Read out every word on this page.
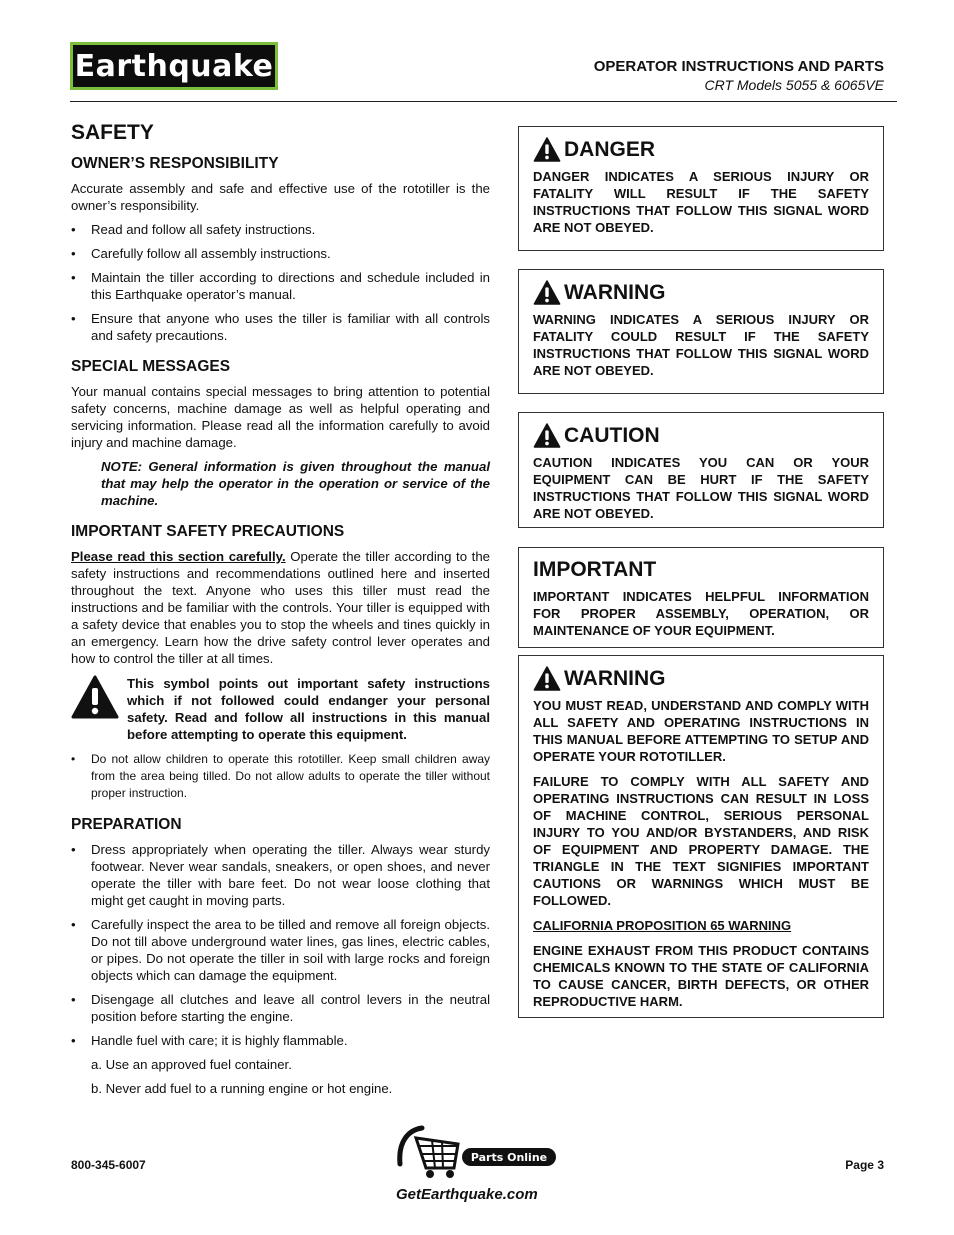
Earthquake	OPERATOR INSTRUCTIONS AND PARTS
CRT Models 5055 & 6065VE
SAFETY
OWNER’S RESPONSIBILITY

Accurate assembly and safe and effective use of the rototiller is the owner’s responsibility.

•	Read and follow all safety instructions.
•	Carefully follow all assembly instructions.
•	Maintain the tiller according to directions and schedule included in this Earthquake operator’s manual.
•	Ensure that anyone who uses the tiller is familiar with all controls and safety precautions.
SPECIAL MESSAGES

Your manual contains special messages to bring attention to potential safety concerns, machine damage as well as helpful operating and servicing information. Please read all the information carefully to avoid injury and machine damage.

NOTE: General information is given throughout the manual that may help the operator in the operation or service of the machine.
IMPORTANT SAFETY PRECAUTIONS

Please read this section carefully. Operate the tiller according to the safety instructions and recommendations outlined here and inserted throughout the text. Anyone who uses this tiller must read the instructions and be familiar with the controls. Your tiller is equipped with a safety device that enables you to stop the wheels and tines quickly in an emergency. Learn how the drive safety control lever operates and how to control the tiller at all times.

This symbol points out important safety instructions which if not followed could endanger your personal safety. Read and follow all instructions in this manual before attempting to operate this equipment.
•	Do not allow children to operate this rototiller. Keep small children away from the area being tilled. Do not allow adults to operate the tiller without proper instruction.
PREPARATION
•	Dress appropriately when operating the tiller. Always wear sturdy footwear. Never wear sandals, sneakers, or open shoes, and never operate the tiller with bare feet. Do not wear loose clothing that might get caught in moving parts.
•	Carefully inspect the area to be tilled and remove all foreign objects. Do not till above underground water lines, gas lines, electric cables, or pipes. Do not operate the tiller in soil with large rocks and foreign objects which can damage the equipment.
•	Disengage all clutches and leave all control levers in the neutral position before starting the engine.
•	Handle fuel with care; it is highly flammable.
a. Use an approved fuel container.
b. Never add fuel to a running engine or hot engine.
DANGER

DANGER INDICATES A SERIOUS INJURY OR FATALITY WILL RESULT IF THE SAFETY INSTRUCTIONS THAT FOLLOW THIS SIGNAL WORD ARE NOT OBEYED.

WARNING

WARNING INDICATES A SERIOUS INJURY OR FATALITY COULD RESULT IF THE SAFETY INSTRUCTIONS THAT FOLLOW THIS SIGNAL WORD ARE NOT OBEYED.

CAUTION

CAUTION INDICATES YOU CAN OR YOUR EQUIPMENT CAN BE HURT IF THE SAFETY INSTRUCTIONS THAT FOLLOW THIS SIGNAL WORD ARE NOT OBEYED.

IMPORTANT

IMPORTANT INDICATES HELPFUL INFORMATION FOR PROPER ASSEMBLY, OPERATION, OR MAINTENANCE OF YOUR EQUIPMENT.

WARNING

YOU MUST READ, UNDERSTAND AND COMPLY WITH ALL SAFETY AND OPERATING INSTRUCTIONS IN THIS MANUAL BEFORE ATTEMPTING TO SETUP AND OPERATE YOUR ROTOTILLER.

FAILURE TO COMPLY WITH ALL SAFETY AND OPERATING INSTRUCTIONS CAN RESULT IN LOSS OF MACHINE CONTROL, SERIOUS PERSONAL INJURY TO YOU AND/OR BYSTANDERS, AND RISK OF EQUIPMENT AND PROPERTY DAMAGE. THE TRIANGLE IN THE TEXT SIGNIFIES IMPORTANT CAUTIONS OR WARNINGS WHICH MUST BE FOLLOWED.

CALIFORNIA PROPOSITION 65 WARNING

ENGINE EXHAUST FROM THIS PRODUCT CONTAINS CHEMICALS KNOWN TO THE STATE OF CALIFORNIA TO CAUSE CANCER, BIRTH DEFECTS, OR OTHER REPRODUCTIVE HARM.

800-345-6007
Parts Online
GetEarthquake.com
Page 3
